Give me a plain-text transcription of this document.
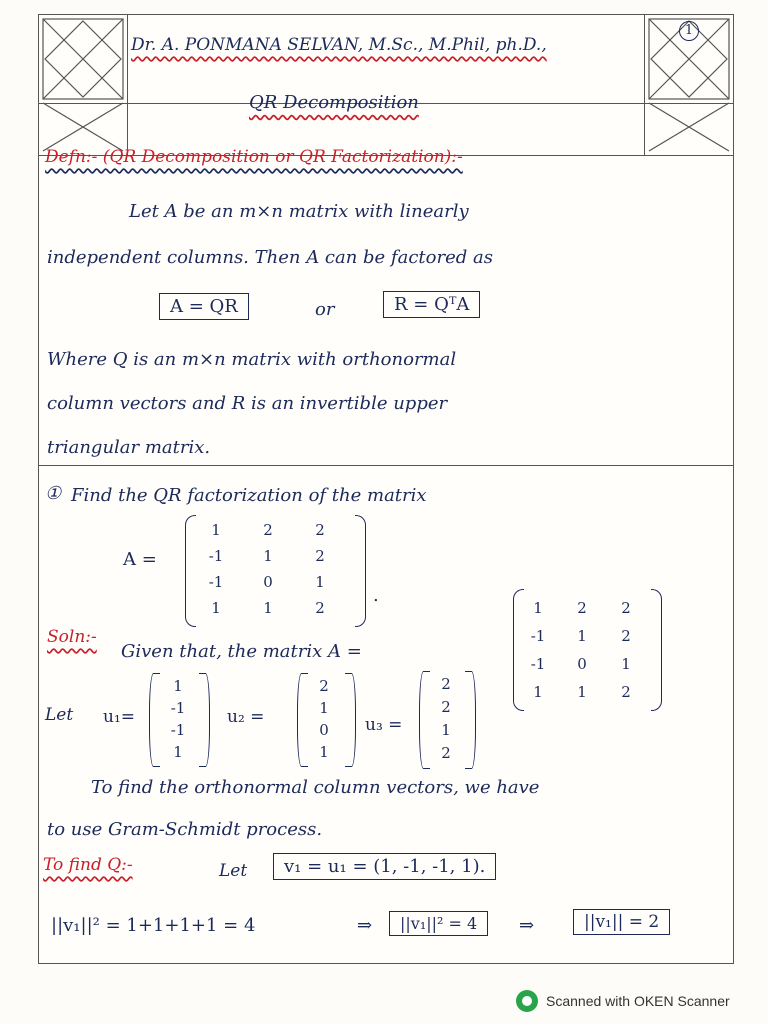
1
Dr. A. PONMANA SELVAN, M.Sc., M.Phil, ph.D.,
QR Decomposition
Defn:- (QR Decomposition or QR Factorization):-
Let A be an m×n matrix with linearly
independent columns. Then A can be factored as
A = QR	or	R = QᵀA
Where Q is an m×n matrix with orthonormal
column vectors and R is an invertible upper
triangular matrix.
① Find the QR factorization of the matrix
A =
1	2	2
-1	1	2
-1	0	1
1	1	2
.
Soln:-
Given that, the matrix A =
1	2	2
-1	1	2
-1	0	1
1	1	2
Let u₁=
1
-1
-1
1
u₂ =
2
1
0
1
u₃ =
2
2
1
2
To find the orthonormal column vectors, we have
to use Gram-Schmidt process.
To find Q:-	Let	v₁ = u₁ = (1, -1, -1, 1).
||v₁||² = 1+1+1+1 = 4	⇒	||v₁||² = 4	⇒	||v₁|| = 2
Scanned with OKEN Scanner
